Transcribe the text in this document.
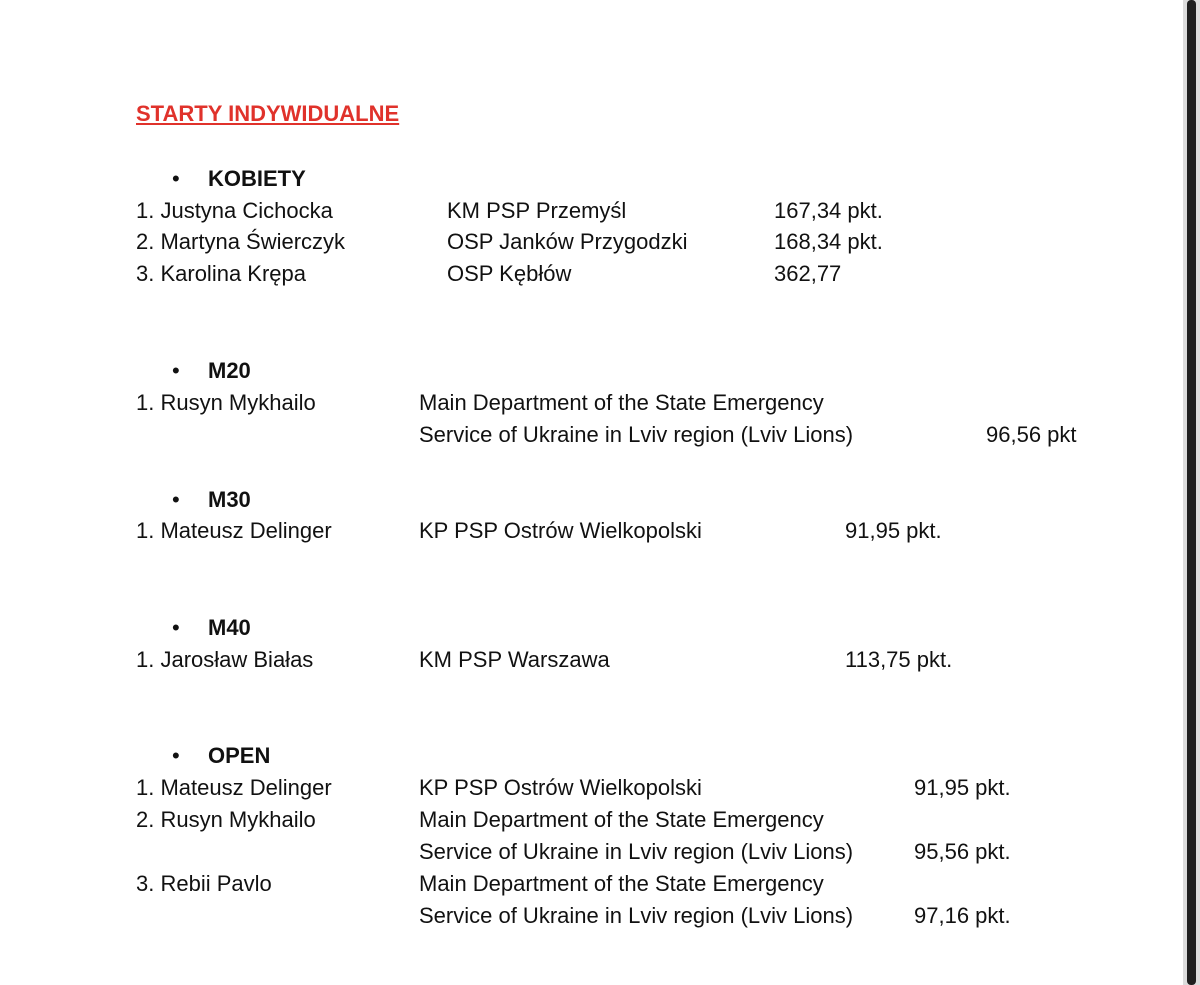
STARTY INDYWIDUALNE
• KOBIETY
1. Justyna Cichocka	KM PSP Przemyśl	167,34 pkt.
2. Martyna Świerczyk	OSP Janków Przygodzki	168,34 pkt.
3. Karolina Krępa	OSP Kębłów	362,77
• M20
1. Rusyn Mykhailo	Main Department of the State Emergency
Service of Ukraine in Lviv region (Lviv Lions)	96,56 pkt
• M30
1. Mateusz Delinger	KP PSP Ostrów Wielkopolski	91,95 pkt.
• M40
1. Jarosław Białas	KM PSP Warszawa	113,75 pkt.
• OPEN
1. Mateusz Delinger	KP PSP Ostrów Wielkopolski	91,95 pkt.
2. Rusyn Mykhailo	Main Department of the State Emergency
Service of Ukraine in Lviv region (Lviv Lions)	95,56 pkt.
3. Rebii Pavlo	Main Department of the State Emergency
Service of Ukraine in Lviv region (Lviv Lions)	97,16 pkt.
